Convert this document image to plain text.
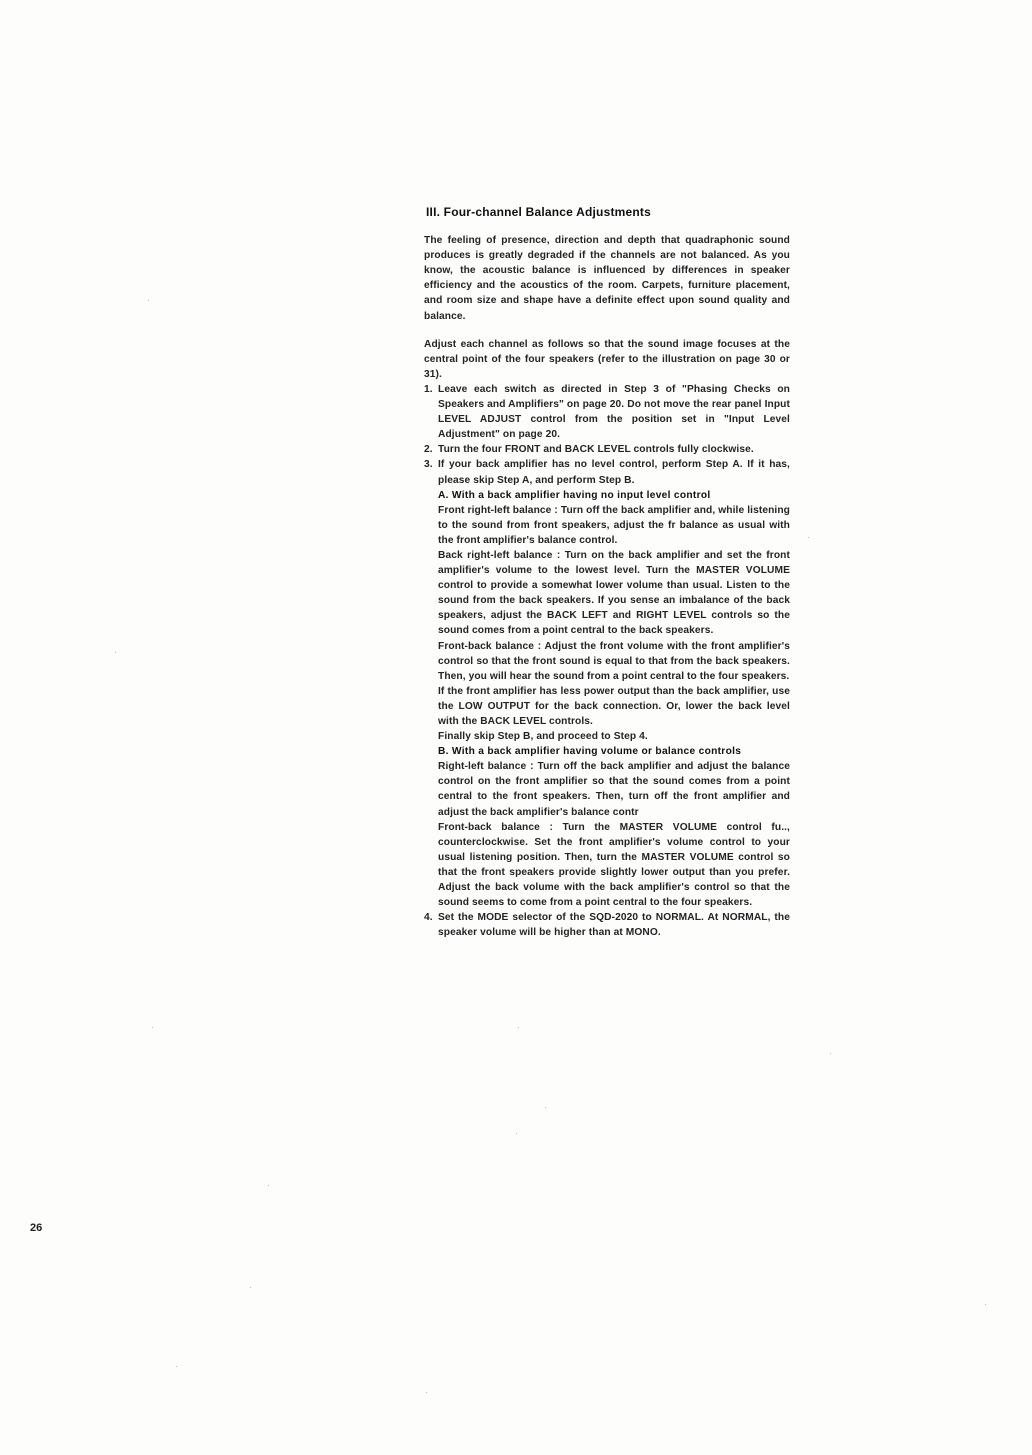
III. Four-channel Balance Adjustments
The feeling of presence, direction and depth that quadraphonic sound produces is greatly degraded if the channels are not balanced. As you know, the acoustic balance is influenced by differences in speaker efficiency and the acoustics of the room. Carpets, furniture placement, and room size and shape have a definite effect upon sound quality and balance.
Adjust each channel as follows so that the sound image focuses at the central point of the four speakers (refer to the illustration on page 30 or 31).
1. Leave each switch as directed in Step 3 of "Phasing Checks on Speakers and Amplifiers" on page 20. Do not move the rear panel Input LEVEL ADJUST control from the position set in "Input Level Adjustment" on page 20.
2. Turn the four FRONT and BACK LEVEL controls fully clockwise.
3. If your back amplifier has no level control, perform Step A. If it has, please skip Step A, and perform Step B.
A. With a back amplifier having no input level control
Front right-left balance : Turn off the back amplifier and, while listening to the sound from front speakers, adjust the fr balance as usual with the front amplifier's balance control.
Back right-left balance : Turn on the back amplifier and set the front amplifier's volume to the lowest level. Turn the MASTER VOLUME control to provide a somewhat lower volume than usual. Listen to the sound from the back speakers. If you sense an imbalance of the back speakers, adjust the BACK LEFT and RIGHT LEVEL controls so the sound comes from a point central to the back speakers.
Front-back balance : Adjust the front volume with the front amplifier's control so that the front sound is equal to that from the back speakers. Then, you will hear the sound from a point central to the four speakers.
If the front amplifier has less power output than the back amplifier, use the LOW OUTPUT for the back connection. Or, lower the back level with the BACK LEVEL controls.
Finally skip Step B, and proceed to Step 4.
B. With a back amplifier having volume or balance controls
Right-left balance : Turn off the back amplifier and adjust the balance control on the front amplifier so that the sound comes from a point central to the front speakers. Then, turn off the front amplifier and adjust the back amplifier's balance contr
Front-back balance : Turn the MASTER VOLUME control fu.., counterclockwise. Set the front amplifier's volume control to your usual listening position. Then, turn the MASTER VOLUME control so that the front speakers provide slightly lower output than you prefer. Adjust the back volume with the back amplifier's control so that the sound seems to come from a point central to the four speakers.
4. Set the MODE selector of the SQD-2020 to NORMAL. At NORMAL, the speaker volume will be higher than at MONO.
26
